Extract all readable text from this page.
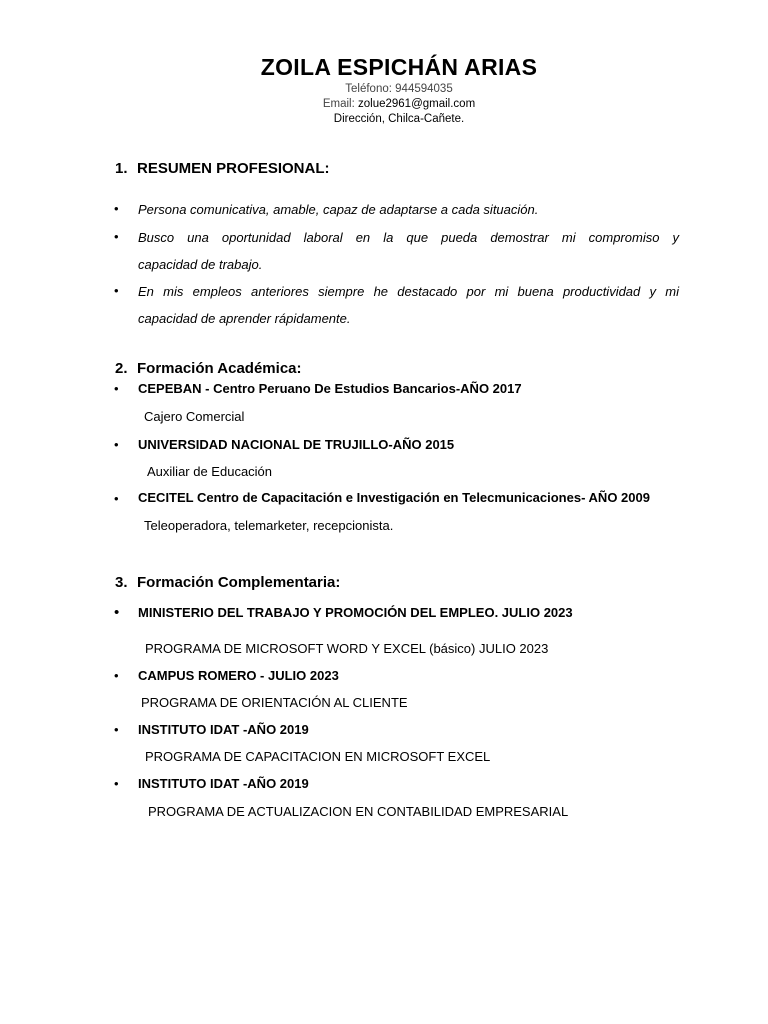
ZOILA ESPICHÁN ARIAS
Teléfono: 944594035
Email: zolue2961@gmail.com
Dirección, Chilca-Cañete.
1. RESUMEN PROFESIONAL:
• Persona comunicativa, amable, capaz de adaptarse a cada situación.
• Busco una oportunidad laboral en la que pueda demostrar mi compromiso y
capacidad de trabajo.
• En mis empleos anteriores siempre he destacado por mi buena productividad y mi
capacidad de aprender rápidamente.
2. Formación Académica:
• CEPEBAN - Centro Peruano De Estudios Bancarios-AÑO 2017
Cajero Comercial
• UNIVERSIDAD NACIONAL DE TRUJILLO-AÑO 2015
Auxiliar de Educación
• CECITEL Centro de Capacitación e Investigación en Telecmunicaciones- AÑO 2009
Teleoperadora, telemarketer, recepcionista.
3. Formación Complementaria:
• MINISTERIO DEL TRABAJO Y PROMOCIÓN DEL EMPLEO. JULIO 2023
PROGRAMA DE MICROSOFT WORD Y EXCEL (básico) JULIO 2023
• CAMPUS ROMERO - JULIO 2023
PROGRAMA DE ORIENTACIÓN AL CLIENTE
• INSTITUTO IDAT -AÑO 2019
PROGRAMA DE CAPACITACION EN MICROSOFT EXCEL
• INSTITUTO IDAT -AÑO 2019
PROGRAMA DE ACTUALIZACION EN CONTABILIDAD EMPRESARIAL
